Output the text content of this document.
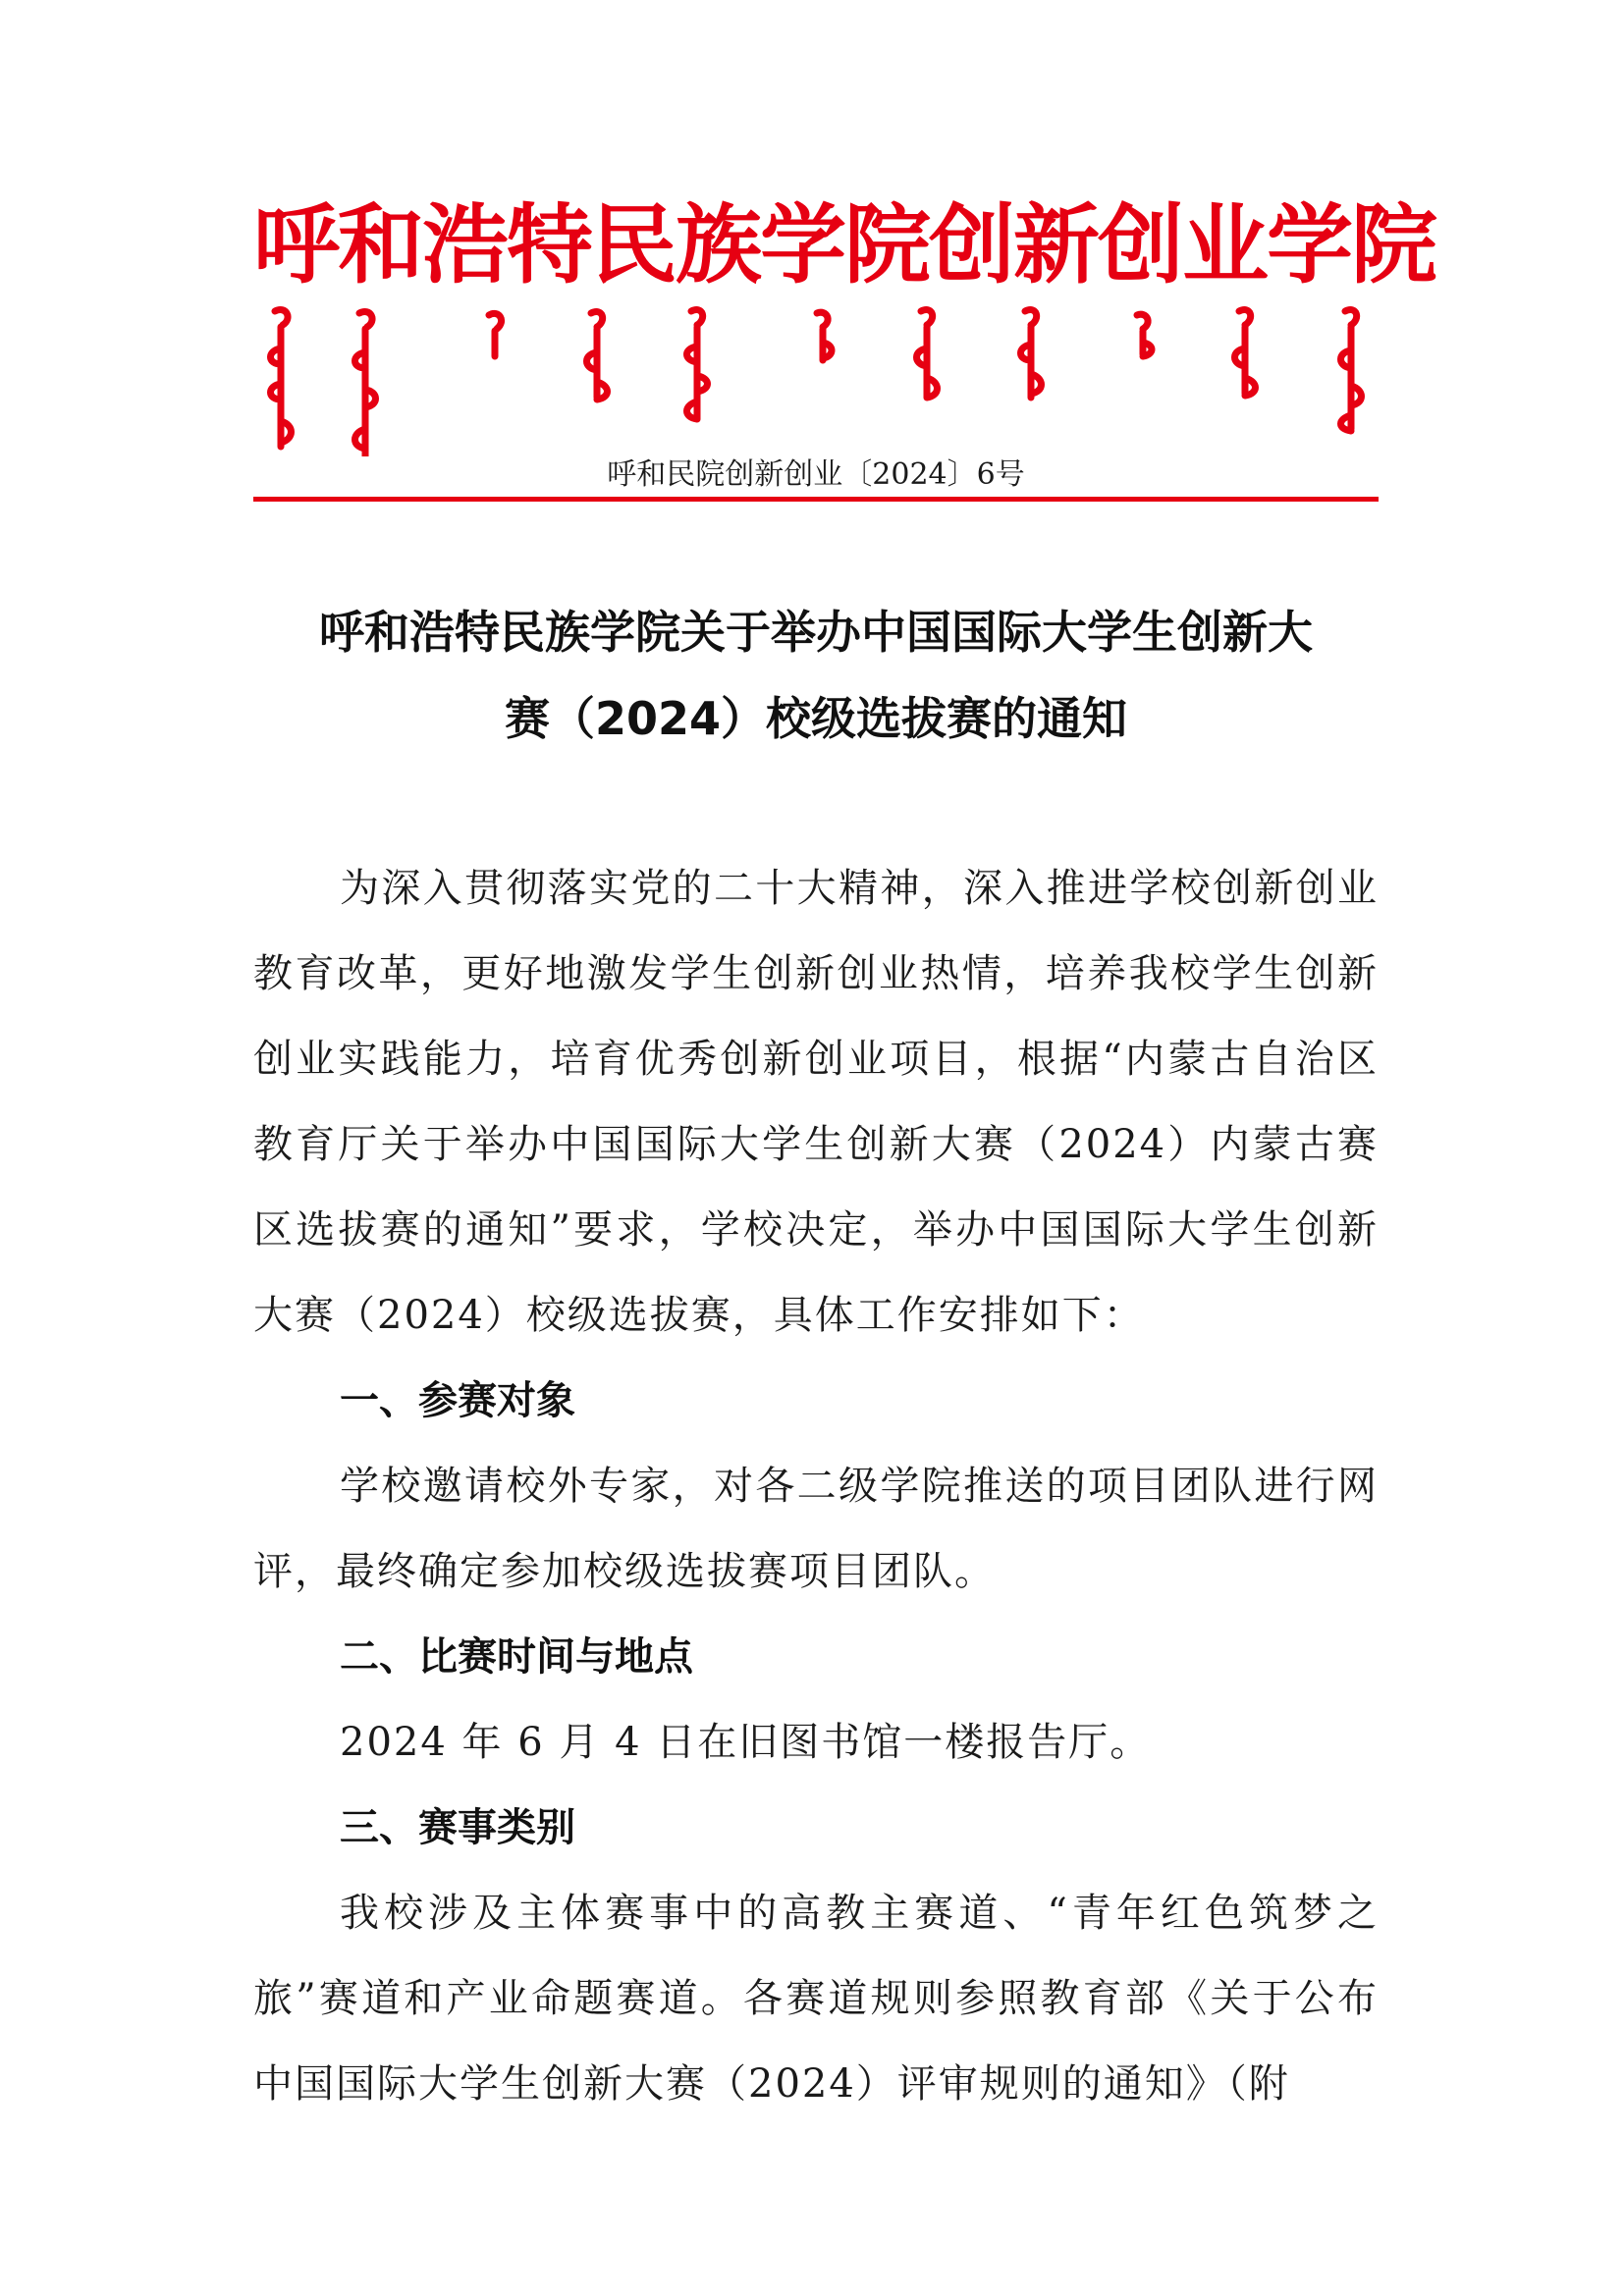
呼和浩特民族学院创新创业学院
呼和民院创新创业〔2024〕6号
呼和浩特民族学院关于举办中国国际大学生创新大
赛（2024）校级选拔赛的通知

为深入贯彻落实党的二十大精神，深入推进学校创新创业教育改革，更好地激发学生创新创业热情，培养我校学生创新创业实践能力，培育优秀创新创业项目，根据“内蒙古自治区教育厅关于举办中国国际大学生创新大赛（2024）内蒙古赛区选拔赛的通知”要求，学校决定，举办中国国际大学生创新大赛（2024）校级选拔赛，具体工作安排如下：

一、参赛对象

学校邀请校外专家，对各二级学院推送的项目团队进行网评，最终确定参加校级选拔赛项目团队。

二、比赛时间与地点

2024 年 6 月 4 日在旧图书馆一楼报告厅。

三、赛事类别

我校涉及主体赛事中的高教主赛道、“青年红色筑梦之旅”赛道和产业命题赛道。各赛道规则参照教育部《关于公布中国国际大学生创新大赛（2024）评审规则的通知》（附
